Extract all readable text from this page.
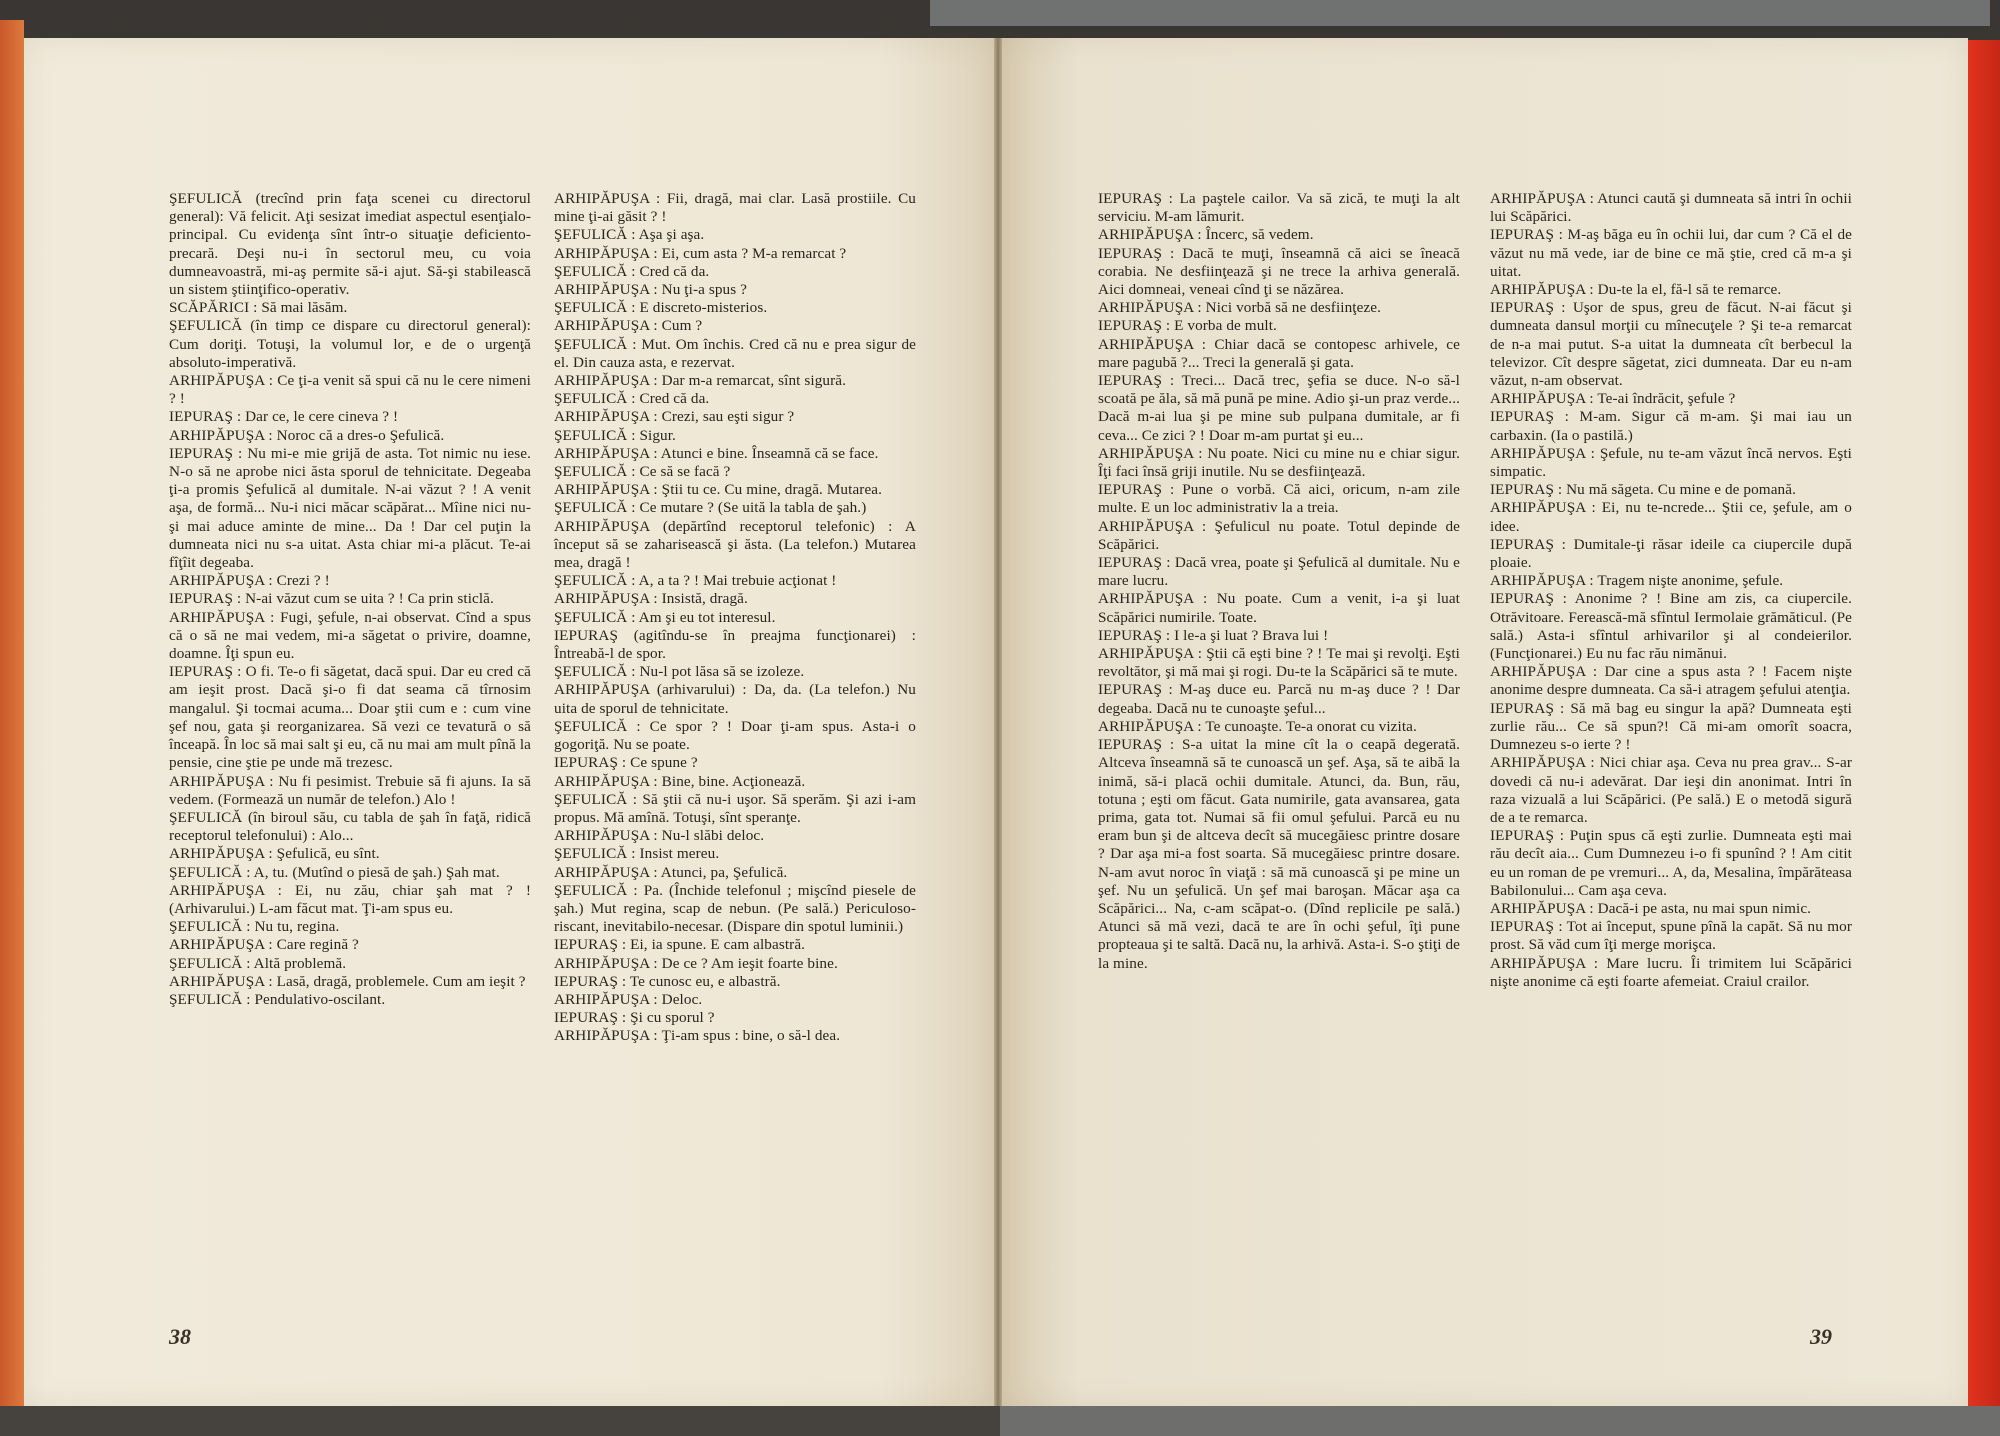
ŞEFULICĂ (trecînd prin faţa scenei cu directorul general): Vă felicit. Aţi sesizat imediat aspectul esenţialo-principal. Cu evidenţa sînt într-o situaţie deficiento-precară. Deşi nu-i în sectorul meu, cu voia dumneavoastră, mi-aş permite să-i ajut. Să-şi stabilească un sistem ştiinţifico-operativ.

SCĂPĂRICI : Să mai lăsăm.

ŞEFULICĂ (în timp ce dispare cu directorul general): Cum doriţi. Totuşi, la volumul lor, e de o urgenţă absoluto-imperativă.

ARHIPĂPUŞA : Ce ţi-a venit să spui că nu le cere nimeni ? !

IEPURAŞ : Dar ce, le cere cineva ? !

ARHIPĂPUŞA : Noroc că a dres-o Şefulică.

IEPURAŞ : Nu mi-e mie grijă de asta. Tot nimic nu iese. N-o să ne aprobe nici ăsta sporul de tehnicitate. Degeaba ţi-a promis Şefulică al dumitale. N-ai văzut ? ! A venit aşa, de formă... Nu-i nici măcar scăpărat... Mîine nici nu-şi mai aduce aminte de mine... Da ! Dar cel puţin la dumneata nici nu s-a uitat. Asta chiar mi-a plăcut. Te-ai fîţîit degeaba.

ARHIPĂPUŞA : Crezi ? !

IEPURAŞ : N-ai văzut cum se uita ? ! Ca prin sticlă.

ARHIPĂPUŞA : Fugi, şefule, n-ai observat. Cînd a spus că o să ne mai vedem, mi-a săgetat o privire, doamne, doamne. Îţi spun eu.

IEPURAŞ : O fi. Te-o fi săgetat, dacă spui. Dar eu cred că am ieşit prost. Dacă şi-o fi dat seama că tîrnosim mangalul. Şi tocmai acuma... Doar ştii cum e : cum vine şef nou, gata şi reorganizarea. Să vezi ce tevatură o să înceapă. În loc să mai salt şi eu, că nu mai am mult pînă la pensie, cine ştie pe unde mă trezesc.

ARHIPĂPUŞA : Nu fi pesimist. Trebuie să fi ajuns. Ia să vedem. (Formează un număr de telefon.) Alo !

ŞEFULICĂ (în biroul său, cu tabla de şah în faţă, ridică receptorul telefonului) : Alo...

ARHIPĂPUŞA : Şefulică, eu sînt.

ŞEFULICĂ : A, tu. (Mutînd o piesă de şah.) Şah mat.

ARHIPĂPUŞA : Ei, nu zău, chiar şah mat ? ! (Arhivarului.) L-am făcut mat. Ţi-am spus eu.

ŞEFULICĂ : Nu tu, regina.

ARHIPĂPUŞA : Care regină ?

ŞEFULICĂ : Altă problemă.

ARHIPĂPUŞA : Lasă, dragă, problemele. Cum am ieşit ?

ŞEFULICĂ : Pendulativo-oscilant.

ARHIPĂPUŞA : Fii, dragă, mai clar. Lasă prostiile. Cu mine ţi-ai găsit ? !

ŞEFULICĂ : Aşa şi aşa.

ARHIPĂPUŞA : Ei, cum asta ? M-a remarcat ?

ŞEFULICĂ : Cred că da.

ARHIPĂPUŞA : Nu ţi-a spus ?

ŞEFULICĂ : E discreto-misterios.

ARHIPĂPUŞA : Cum ?

ŞEFULICĂ : Mut. Om închis. Cred că nu e prea sigur de el. Din cauza asta, e rezervat.

ARHIPĂPUŞA : Dar m-a remarcat, sînt sigură.

ŞEFULICĂ : Cred că da.

ARHIPĂPUŞA : Crezi, sau eşti sigur ?

ŞEFULICĂ : Sigur.

ARHIPĂPUŞA : Atunci e bine. Înseamnă că se face.

ŞEFULICĂ : Ce să se facă ?

ARHIPĂPUŞA : Ştii tu ce. Cu mine, dragă. Mutarea.

ŞEFULICĂ : Ce mutare ? (Se uită la tabla de şah.)

ARHIPĂPUŞA (depărtînd receptorul telefonic) : A început să se zaharisească şi ăsta. (La telefon.) Mutarea mea, dragă !

ŞEFULICĂ : A, a ta ? ! Mai trebuie acţionat !

ARHIPĂPUŞA : Insistă, dragă.

ŞEFULICĂ : Am şi eu tot interesul.

IEPURAŞ (agitîndu-se în preajma funcţionarei) : Întreabă-l de spor.

ŞEFULICĂ : Nu-l pot lăsa să se izoleze.

ARHIPĂPUŞA (arhivarului) : Da, da. (La telefon.) Nu uita de sporul de tehnicitate.

ŞEFULICĂ : Ce spor ? ! Doar ţi-am spus. Asta-i o gogoriţă. Nu se poate.

IEPURAŞ : Ce spune ?

ARHIPĂPUŞA : Bine, bine. Acţionează.

ŞEFULICĂ : Să ştii că nu-i uşor. Să sperăm. Şi azi i-am propus. Mă amînă. Totuşi, sînt speranţe.

ARHIPĂPUŞA : Nu-l slăbi deloc.

ŞEFULICĂ : Insist mereu.

ARHIPĂPUŞA : Atunci, pa, Şefulică.

ŞEFULICĂ : Pa. (Închide telefonul ; mişcînd piesele de şah.) Mut regina, scap de nebun. (Pe sală.) Periculoso-riscant, inevitabilo-necesar. (Dispare din spotul luminii.)

IEPURAŞ : Ei, ia spune. E cam albastră.

ARHIPĂPUŞA : De ce ? Am ieşit foarte bine.

IEPURAŞ : Te cunosc eu, e albastră.

ARHIPĂPUŞA : Deloc.

IEPURAŞ : Şi cu sporul ?

ARHIPĂPUŞA : Ţi-am spus : bine, o să-l dea.

38

IEPURAŞ : La paştele cailor. Va să zică, te muţi la alt serviciu. M-am lămurit.

ARHIPĂPUŞA : Încerc, să vedem.

IEPURAŞ : Dacă te muţi, înseamnă că aici se îneacă corabia. Ne desfiinţează şi ne trece la arhiva generală. Aici domneai, veneai cînd ţi se năzărea.

ARHIPĂPUŞA : Nici vorbă să ne desfiinţeze.

IEPURAŞ : E vorba de mult.

ARHIPĂPUŞA : Chiar dacă se contopesc arhivele, ce mare pagubă ?... Treci la generală şi gata.

IEPURAŞ : Treci... Dacă trec, şefia se duce. N-o să-l scoată pe ăla, să mă pună pe mine. Adio şi-un praz verde... Dacă m-ai lua şi pe mine sub pulpana dumitale, ar fi ceva... Ce zici ? ! Doar m-am purtat şi eu...

ARHIPĂPUŞA : Nu poate. Nici cu mine nu e chiar sigur. Îţi faci însă griji inutile. Nu se desfiinţează.

IEPURAŞ : Pune o vorbă. Că aici, oricum, n-am zile multe. E un loc administrativ la a treia.

ARHIPĂPUŞA : Şefulicul nu poate. Totul depinde de Scăpărici.

IEPURAŞ : Dacă vrea, poate şi Şefulică al dumitale. Nu e mare lucru.

ARHIPĂPUŞA : Nu poate. Cum a venit, i-a şi luat Scăpărici numirile. Toate.

IEPURAŞ : I le-a şi luat ? Brava lui !

ARHIPĂPUŞA : Ştii că eşti bine ? ! Te mai şi revolţi. Eşti revoltător, şi mă mai şi rogi. Du-te la Scăpărici să te mute.

IEPURAŞ : M-aş duce eu. Parcă nu m-aş duce ? ! Dar degeaba. Dacă nu te cunoaşte şeful...

ARHIPĂPUŞA : Te cunoaşte. Te-a onorat cu vizita.

IEPURAŞ : S-a uitat la mine cît la o ceapă degerată. Altceva înseamnă să te cunoască un şef. Aşa, să te aibă la inimă, să-i placă ochii dumitale. Atunci, da. Bun, rău, totuna ; eşti om făcut. Gata numirile, gata avansarea, gata prima, gata tot. Numai să fii omul şefului. Parcă eu nu eram bun şi de altceva decît să mucegăiesc printre dosare ? Dar aşa mi-a fost soarta. Să mucegăiesc printre dosare. N-am avut noroc în viaţă : să mă cunoască şi pe mine un şef. Nu un şefulică. Un şef mai baroşan. Măcar aşa ca Scăpărici... Na, c-am scăpat-o. (Dînd replicile pe sală.) Atunci să mă vezi, dacă te are în ochi şeful, îţi pune propteaua şi te saltă. Dacă nu, la arhivă. Asta-i. S-o ştiţi de la mine.

ARHIPĂPUŞA : Atunci caută şi dumneata să intri în ochii lui Scăpărici.

IEPURAŞ : M-aş băga eu în ochii lui, dar cum ? Că el de văzut nu mă vede, iar de bine ce mă ştie, cred că m-a şi uitat.

ARHIPĂPUŞA : Du-te la el, fă-l să te remarce.

IEPURAŞ : Uşor de spus, greu de făcut. N-ai făcut şi dumneata dansul morţii cu mînecuţele ? Şi te-a remarcat de n-a mai putut. S-a uitat la dumneata cît berbecul la televizor. Cît despre săgetat, zici dumneata. Dar eu n-am văzut, n-am observat.

ARHIPĂPUŞA : Te-ai îndrăcit, şefule ?

IEPURAŞ : M-am. Sigur că m-am. Şi mai iau un carbaxin. (Ia o pastilă.)

ARHIPĂPUŞA : Şefule, nu te-am văzut încă nervos. Eşti simpatic.

IEPURAŞ : Nu mă săgeta. Cu mine e de pomană.

ARHIPĂPUŞA : Ei, nu te-ncrede... Ştii ce, şefule, am o idee.

IEPURAŞ : Dumitale-ţi răsar ideile ca ciupercile după ploaie.

ARHIPĂPUŞA : Tragem nişte anonime, şefule.

IEPURAŞ : Anonime ? ! Bine am zis, ca ciupercile. Otrăvitoare. Ferească-mă sfîntul Iermolaie grămăticul. (Pe sală.) Asta-i sfîntul arhivarilor şi al condeierilor. (Funcţionarei.) Eu nu fac rău nimănui.

ARHIPĂPUŞA : Dar cine a spus asta ? ! Facem nişte anonime despre dumneata. Ca să-i atragem şefului atenţia.

IEPURAŞ : Să mă bag eu singur la apă? Dumneata eşti zurlie rău... Ce să spun?! Că mi-am omorît soacra, Dumnezeu s-o ierte ? !

ARHIPĂPUŞA : Nici chiar aşa. Ceva nu prea grav... S-ar dovedi că nu-i adevărat. Dar ieşi din anonimat. Intri în raza vizuală a lui Scăpărici. (Pe sală.) E o metodă sigură de a te remarca.

IEPURAŞ : Puţin spus că eşti zurlie. Dumneata eşti mai rău decît aia... Cum Dumnezeu i-o fi spunînd ? ! Am citit eu un roman de pe vremuri... A, da, Mesalina, împărăteasa Babilonului... Cam aşa ceva.

ARHIPĂPUŞA : Dacă-i pe asta, nu mai spun nimic.

IEPURAŞ : Tot ai început, spune pînă la capăt. Să nu mor prost. Să văd cum îţi merge morişca.

ARHIPĂPUŞA : Mare lucru. Îi trimitem lui Scăpărici nişte anonime că eşti foarte afemeiat. Craiul crailor.

39
